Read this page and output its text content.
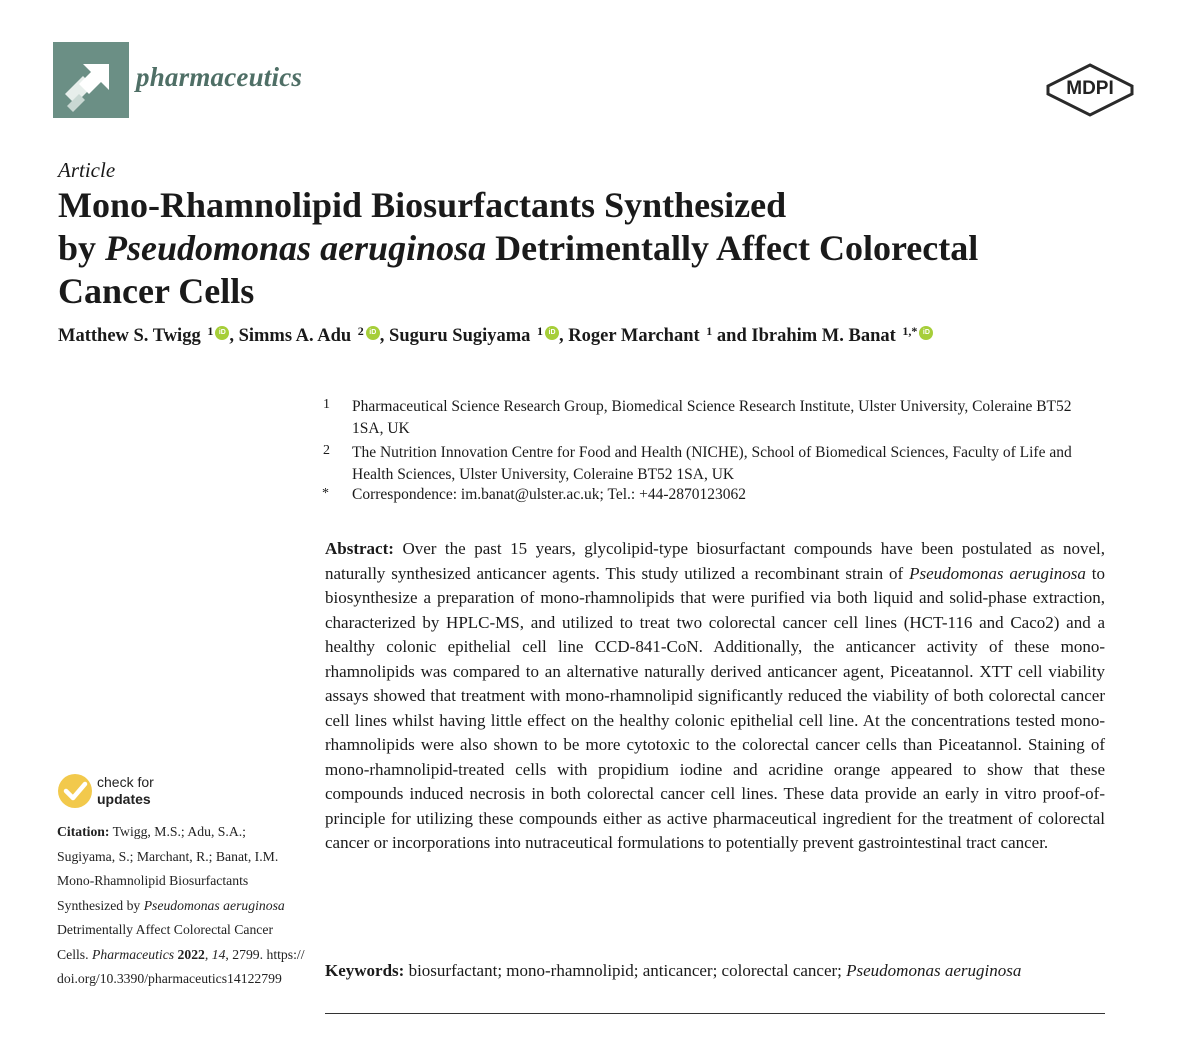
pharmaceutics	MDPI
Article
Mono-Rhamnolipid Biosurfactants Synthesized
by Pseudomonas aeruginosa Detrimentally Affect Colorectal Cancer Cells
Matthew S. Twigg $^1$ iD , Simms A. Adu $^2$ iD , Suguru Sugiyama $^1$ iD , Roger Marchant $^1$ and Ibrahim M. Banat $^{1,*}$ iD
1 Pharmaceutical Science Research Group, Biomedical Science Research Institute, Ulster University, Coleraine BT52 1SA, UK
2 The Nutrition Innovation Centre for Food and Health (NICHE), School of Biomedical Sciences, Faculty of Life and Health Sciences, Ulster University, Coleraine BT52 1SA, UK
* Correspondence: im.banat@ulster.ac.uk; Tel.: +44-2870123062
check for
updates
Citation: Twigg, M.S.; Adu, S.A.; Sugiyama, S.; Marchant, R.; Banat, I.M. Mono-Rhamnolipid Biosurfactants Synthesized by Pseudomonas aeruginosa Detrimentally Affect Colorectal Cancer Cells. Pharmaceutics 2022, 14, 2799. https://doi.org/10.3390/pharmaceutics14122799
Abstract: Over the past 15 years, glycolipid-type biosurfactant compounds have been postulated as novel, naturally synthesized anticancer agents. This study utilized a recombinant strain of Pseudomonas aeruginosa to biosynthesize a preparation of mono-rhamnolipids that were purified via both liquid and solid-phase extraction, characterized by HPLC-MS, and utilized to treat two colorectal cancer cell lines (HCT-116 and Caco2) and a healthy colonic epithelial cell line CCD-841-CoN. Additionally, the anticancer activity of these mono-rhamnolipids was compared to an alternative naturally derived anticancer agent, Piceatannol. XTT cell viability assays showed that treatment with mono-rhamnolipid significantly reduced the viability of both colorectal cancer cell lines whilst having little effect on the healthy colonic epithelial cell line. At the concentrations tested mono-rhamnolipids were also shown to be more cytotoxic to the colorectal cancer cells than Piceatannol. Staining of mono-rhamnolipid-treated cells with propidium iodine and acridine orange appeared to show that these compounds induced necrosis in both colorectal cancer cell lines. These data provide an early in vitro proof-of-principle for utilizing these compounds either as active pharmaceutical ingredient for the treatment of colorectal cancer or incorporations into nutraceutical formulations to potentially prevent gastrointestinal tract cancer.
Keywords: biosurfactant; mono-rhamnolipid; anticancer; colorectal cancer; Pseudomonas aeruginosa
